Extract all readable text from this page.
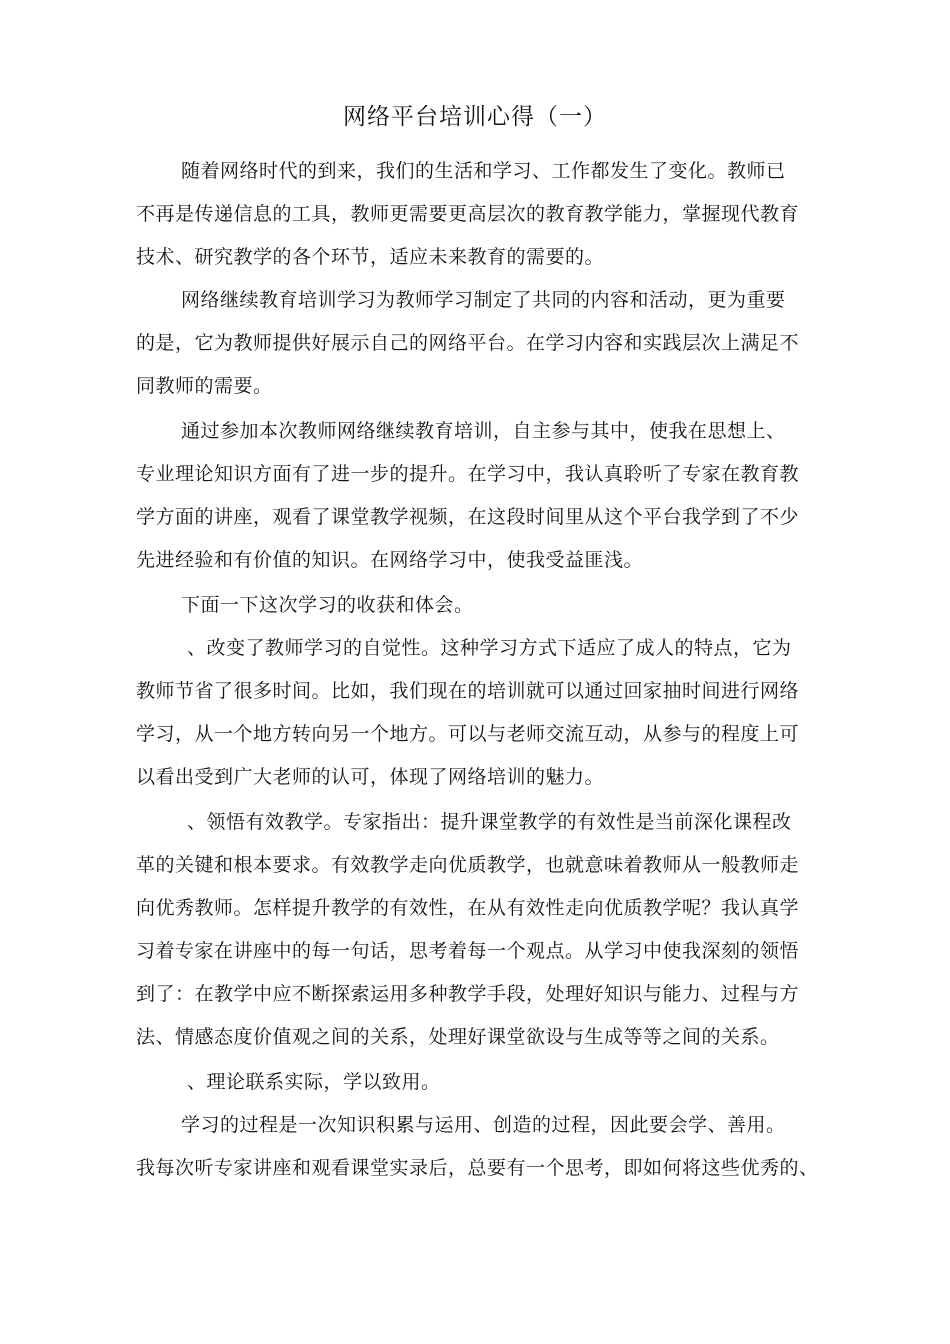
网络平台培训心得（一）
随着网络时代的到来，我们的生活和学习、工作都发生了变化。教师已
不再是传递信息的工具，教师更需要更高层次的教育教学能力，掌握现代教育
技术、研究教学的各个环节，适应未来教育的需要的。
网络继续教育培训学习为教师学习制定了共同的内容和活动，更为重要
的是，它为教师提供好展示自己的网络平台。在学习内容和实践层次上满足不
同教师的需要。
通过参加本次教师网络继续教育培训，自主参与其中，使我在思想上、
专业理论知识方面有了进一步的提升。在学习中，我认真聆听了专家在教育教
学方面的讲座，观看了课堂教学视频，在这段时间里从这个平台我学到了不少
先进经验和有价值的知识。在网络学习中，使我受益匪浅。
下面一下这次学习的收获和体会。
、改变了教师学习的自觉性。这种学习方式下适应了成人的特点，它为
教师节省了很多时间。比如，我们现在的培训就可以通过回家抽时间进行网络
学习，从一个地方转向另一个地方。可以与老师交流互动，从参与的程度上可
以看出受到广大老师的认可，体现了网络培训的魅力。
、领悟有效教学。专家指出：提升课堂教学的有效性是当前深化课程改
革的关键和根本要求。有效教学走向优质教学，也就意味着教师从一般教师走
向优秀教师。怎样提升教学的有效性，在从有效性走向优质教学呢？我认真学
习着专家在讲座中的每一句话，思考着每一个观点。从学习中使我深刻的领悟
到了：在教学中应不断探索运用多种教学手段，处理好知识与能力、过程与方
法、情感态度价值观之间的关系，处理好课堂欲设与生成等等之间的关系。
、理论联系实际，学以致用。
学习的过程是一次知识积累与运用、创造的过程，因此要会学、善用。
我每次听专家讲座和观看课堂实录后，总要有一个思考，即如何将这些优秀的、
